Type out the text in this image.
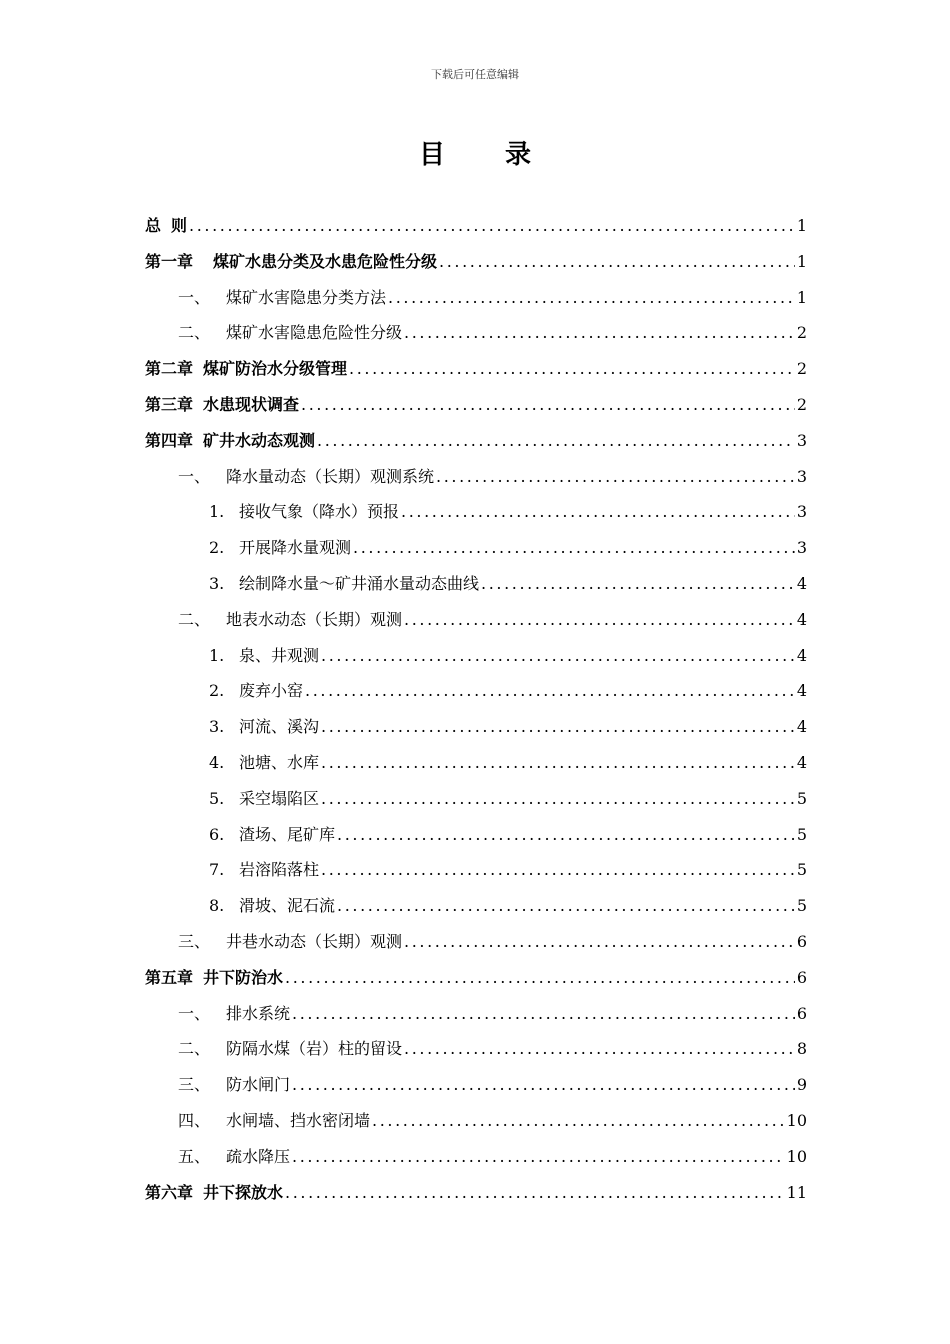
下载后可任意编辑
目录
总 则 .....	1
第一章 煤矿水患分类及水患危险性分级 .....	1
一、 煤矿水害隐患分类方法 .....	1
二、 煤矿水害隐患危险性分级 .....	2
第二章 煤矿防治水分级管理 .....	2
第三章 水患现状调查 .....	2
第四章 矿井水动态观测 .....	3
一、 降水量动态（长期）观测系统 .....	3
1. 接收气象（降水）预报 .....	3
2. 开展降水量观测 .....	3
3. 绘制降水量～矿井涌水量动态曲线 .....	4
二、 地表水动态（长期）观测 .....	4
1. 泉、井观测 .....	4
2. 废弃小窑 .....	4
3. 河流、溪沟 .....	4
4. 池塘、水库 .....	4
5. 采空塌陷区 .....	5
6. 渣场、尾矿库 .....	5
7. 岩溶陷落柱 .....	5
8. 滑坡、泥石流 .....	5
三、 井巷水动态（长期）观测 .....	6
第五章 井下防治水 .....	6
一、 排水系统 .....	6
二、 防隔水煤（岩）柱的留设 .....	8
三、 防水闸门 .....	9
四、 水闸墙、挡水密闭墙 .....	10
五、 疏水降压 .....	10
第六章 井下探放水 .....	11
